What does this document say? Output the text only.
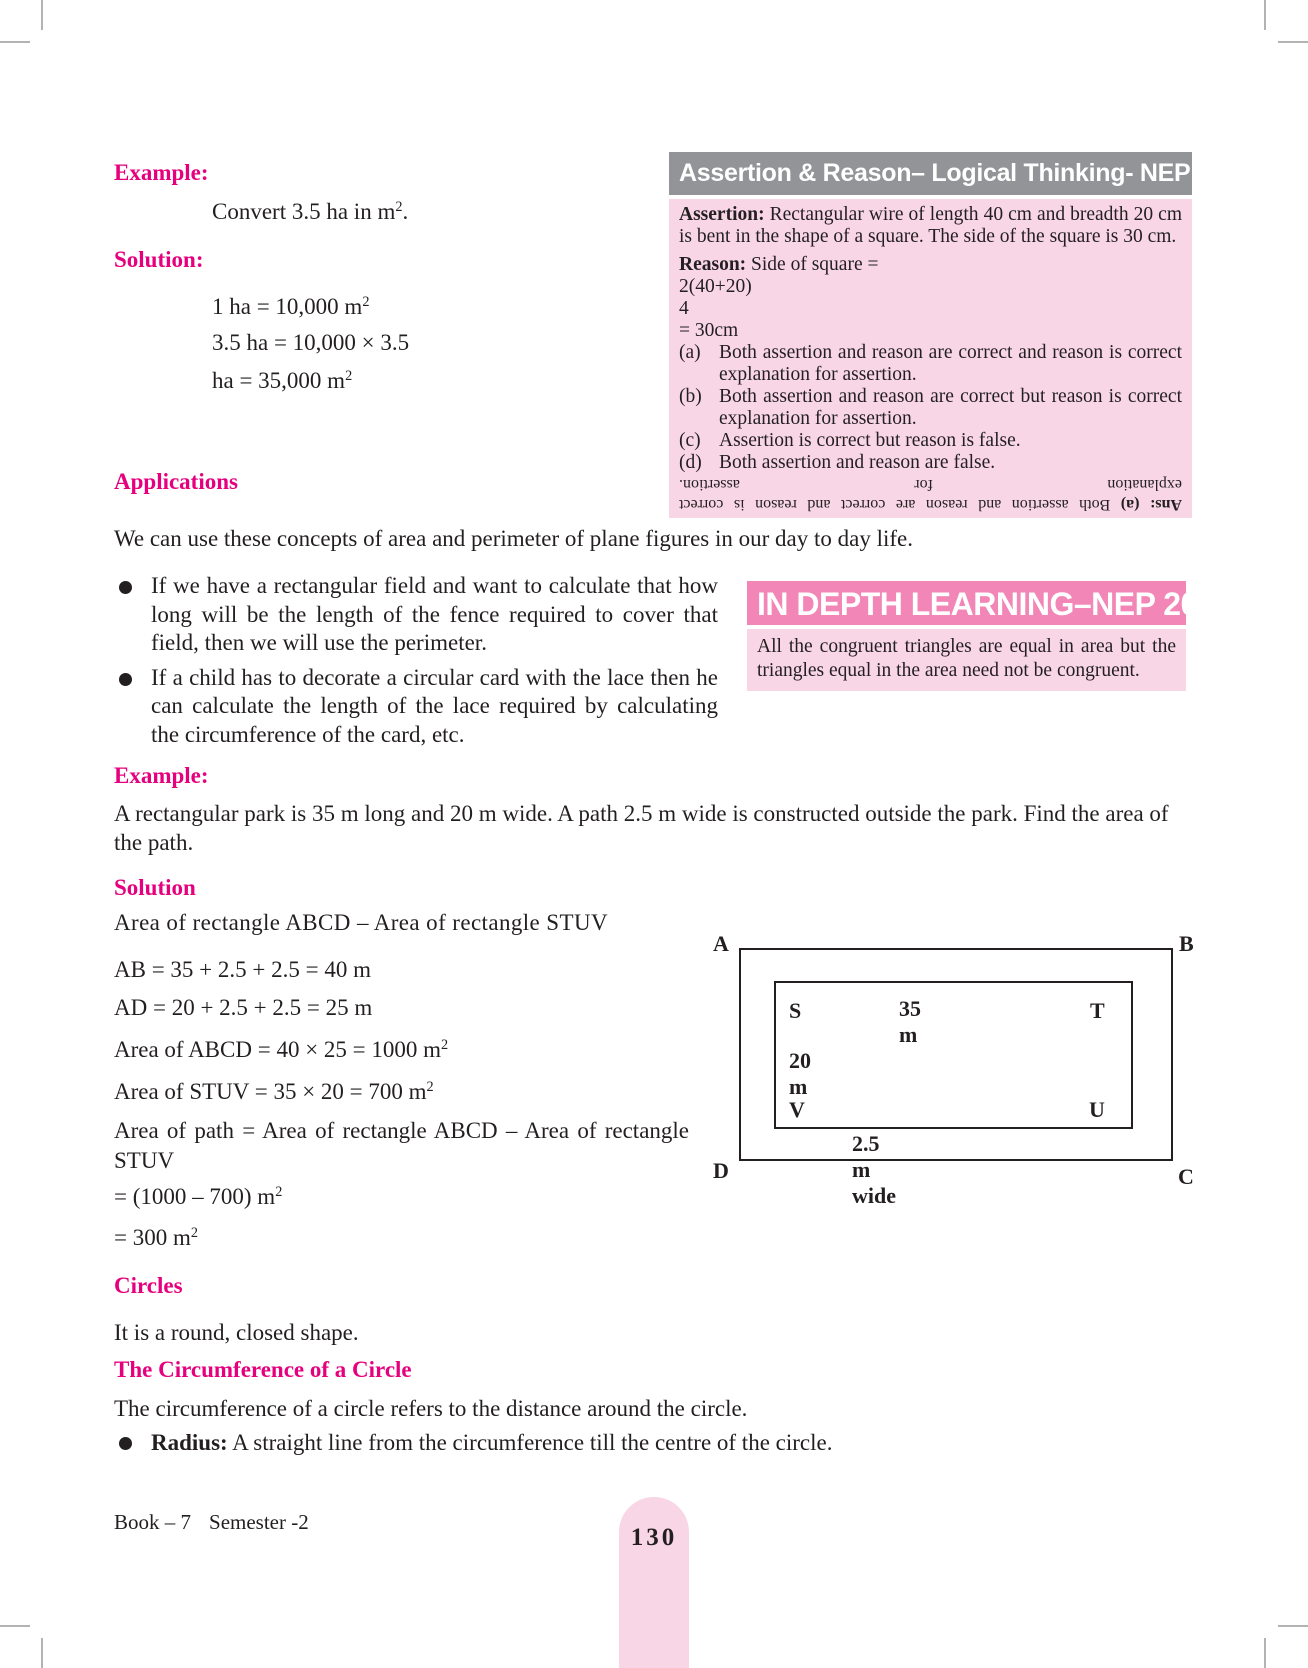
Example:
Convert 3.5 ha in $m^2$.
Solution:
1 ha = 10,000 $m^2$
3.5 ha = 10,000 × 3.5
ha = 35,000 $m^2$
Assertion & Reason– Logical Thinking- NEP 2020

Assertion: Rectangular wire of length 40 cm and breadth 20 cm is bent in the shape of a square. The side of the square is 30 cm.

Reason: Side of square =

2(40+20)
4
= 30cm

(a) Both assertion and reason are correct and reason is correct explanation for assertion.
(b) Both assertion and reason are correct but reason is correct explanation for assertion.
(c) Assertion is correct but reason is false.
(d) Both assertion and reason are false.
Ans: (a) Both assertion and reason are correct and reason is correct explanation for assertion.
Applications
We can use these concepts of area and perimeter of plane figures in our day to day life.
If we have a rectangular field and want to calculate that how long will be the length of the fence required to cover that field, then we will use the perimeter.
If a child has to decorate a circular card with the lace then he can calculate the length of the lace required by calculating the circumference of the card, etc.
IN DEPTH LEARNING–NEP 2020
All the congruent triangles are equal in area but the triangles equal in the area need not be congruent.
Example:
A rectangular park is 35 m long and 20 m wide. A path 2.5 m wide is constructed outside the park. Find the area of the path.
Solution
Area of rectangle ABCD – Area of rectangle STUV
AB = 35 + 2.5 + 2.5 = 40 m
AD = 20 + 2.5 + 2.5 = 25 m
Area of ABCD = 40 × 25 = 1000 $m^2$
Area of STUV = 35 × 20 = 700 $m^2$
Area of path = Area of rectangle ABCD – Area of rectangle STUV
= (1000 – 700) $m^2$
= 300 $m^2$
A	B
C
D
S	T
U
V
35 m
20 m
2.5 m wide
Circles
It is a round, closed shape.
The Circumference of a Circle
The circumference of a circle refers to the distance around the circle.
Radius: A straight line from the circumference till the centre of the circle.
Book – 7 Semester -2
130
